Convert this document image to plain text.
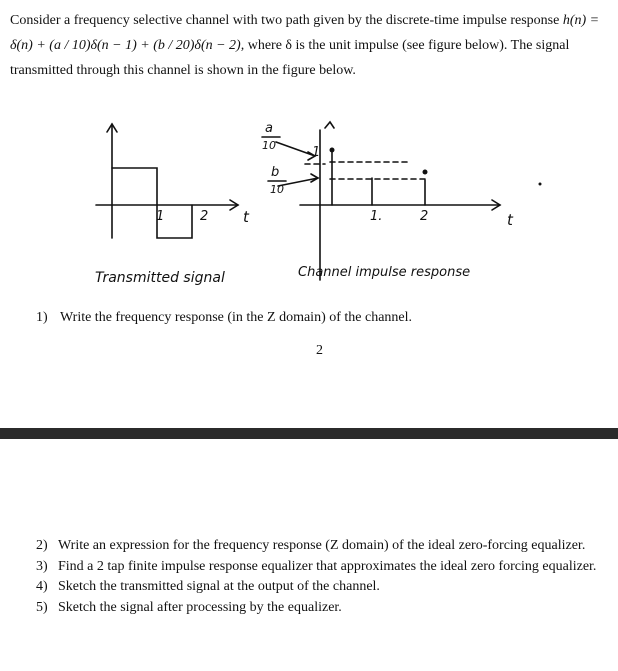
Consider a frequency selective channel with two path given by the discrete-time impulse response h(n) = δ(n) + (a / 10)δ(n − 1) + (b / 20)δ(n − 2), where δ is the unit impulse (see figure below). The signal transmitted through this channel is shown in the figure below.

1	2 t
a
10
b
10
1
1.	2	t
Transmitted signal	Channel impulse response
1) Write the frequency response (in the Z domain) of the channel.
2
2) Write an expression for the frequency response (Z domain) of the ideal zero-forcing equalizer.
3) Find a 2 tap finite impulse response equalizer that approximates the ideal zero forcing equalizer.
4) Sketch the transmitted signal at the output of the channel.
5) Sketch the signal after processing by the equalizer.
